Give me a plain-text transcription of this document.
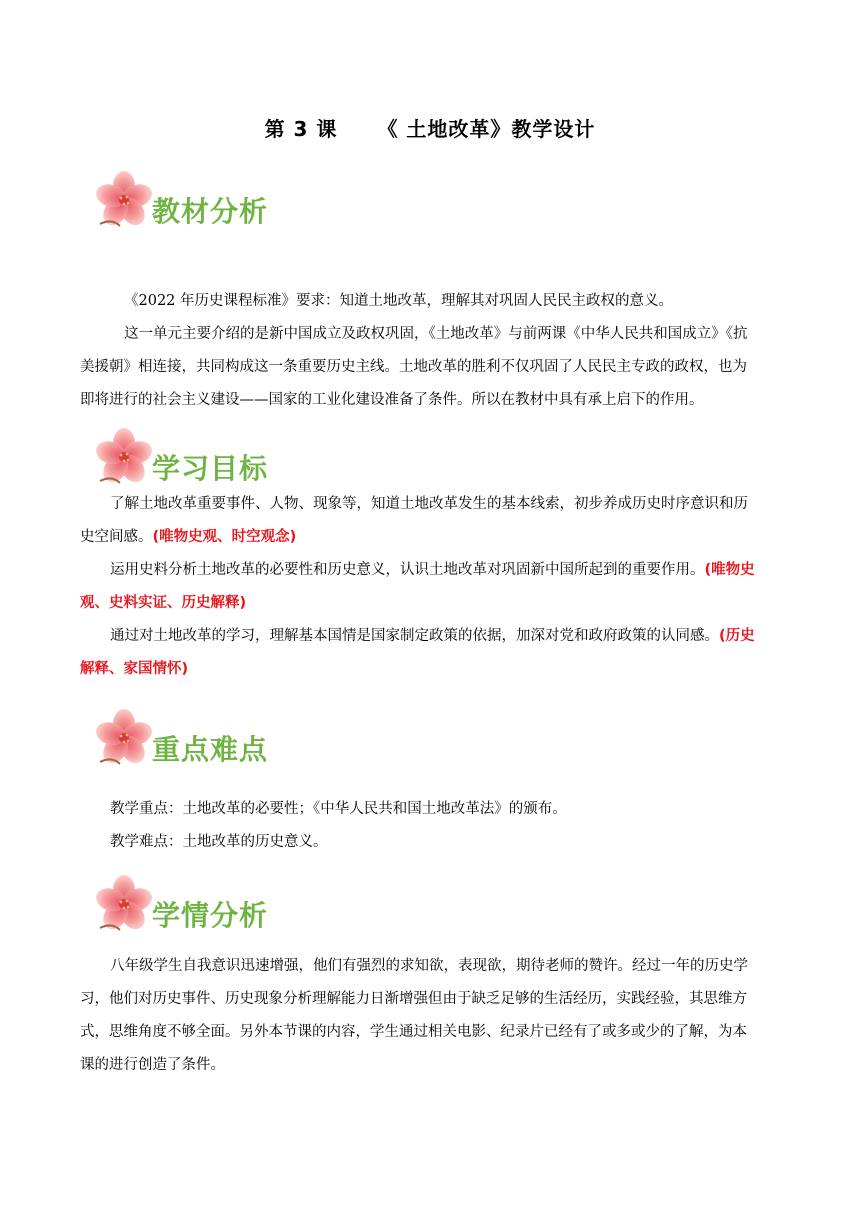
第 3 课 《 土地改革》教学设计
教材分析
《2022 年历史课程标准》要求：知道土地改革，理解其对巩固人民民主政权的意义。
这一单元主要介绍的是新中国成立及政权巩固，《土地改革》与前两课《中华人民共和国成立》《抗
美援朝》相连接，共同构成这一条重要历史主线。土地改革的胜利不仅巩固了人民民主专政的政权，也为
即将进行的社会主义建设——国家的工业化建设准备了条件。所以在教材中具有承上启下的作用。
学习目标
了解土地改革重要事件、人物、现象等，知道土地改革发生的基本线索，初步养成历史时序意识和历
史空间感。(唯物史观、时空观念)
运用史料分析土地改革的必要性和历史意义，认识土地改革对巩固新中国所起到的重要作用。(唯物史
观、史料实证、历史解释)
通过对土地改革的学习，理解基本国情是国家制定政策的依据，加深对党和政府政策的认同感。(历史
解释、家国情怀)
重点难点
教学重点：土地改革的必要性；《中华人民共和国土地改革法》的颁布。
教学难点：土地改革的历史意义。
学情分析
八年级学生自我意识迅速增强，他们有强烈的求知欲，表现欲，期待老师的赞许。经过一年的历史学
习，他们对历史事件、历史现象分析理解能力日渐增强但由于缺乏足够的生活经历，实践经验，其思维方
式，思维角度不够全面。另外本节课的内容，学生通过相关电影、纪录片已经有了或多或少的了解，为本
课的进行创造了条件。
